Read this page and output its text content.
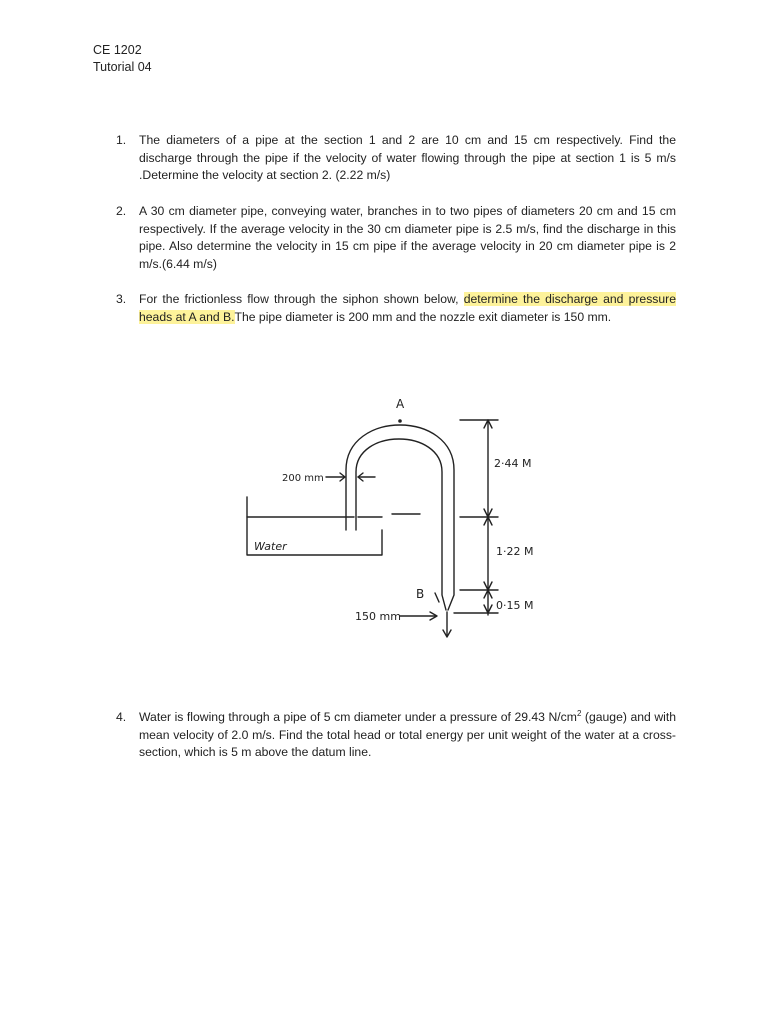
CE 1202
Tutorial 04
1. The diameters of a pipe at the section 1 and 2 are 10 cm and 15 cm respectively. Find the discharge through the pipe if the velocity of water flowing through the pipe at section 1 is 5 m/s .Determine the velocity at section 2. (2.22 m/s)
2. A 30 cm diameter pipe, conveying water, branches in to two pipes of diameters 20 cm and 15 cm respectively. If the average velocity in the 30 cm diameter pipe is 2.5 m/s, find the discharge in this pipe. Also determine the velocity in 15 cm pipe if the average velocity in 20 cm diameter pipe is 2 m/s.(6.44 m/s)
3. For the frictionless flow through the siphon shown below, determine the discharge and pressure heads at A and B.The pipe diameter is 200 mm and the nozzle exit diameter is 150 mm.
A
B
200 mm
150 mm
Water
2·44 M
1·22 M
0·15 M
4. Water is flowing through a pipe of 5 cm diameter under a pressure of 29.43 $N/cm^2$ (gauge) and with mean velocity of 2.0 m/s. Find the total head or total energy per unit weight of the water at a cross-section, which is 5 m above the datum line.
